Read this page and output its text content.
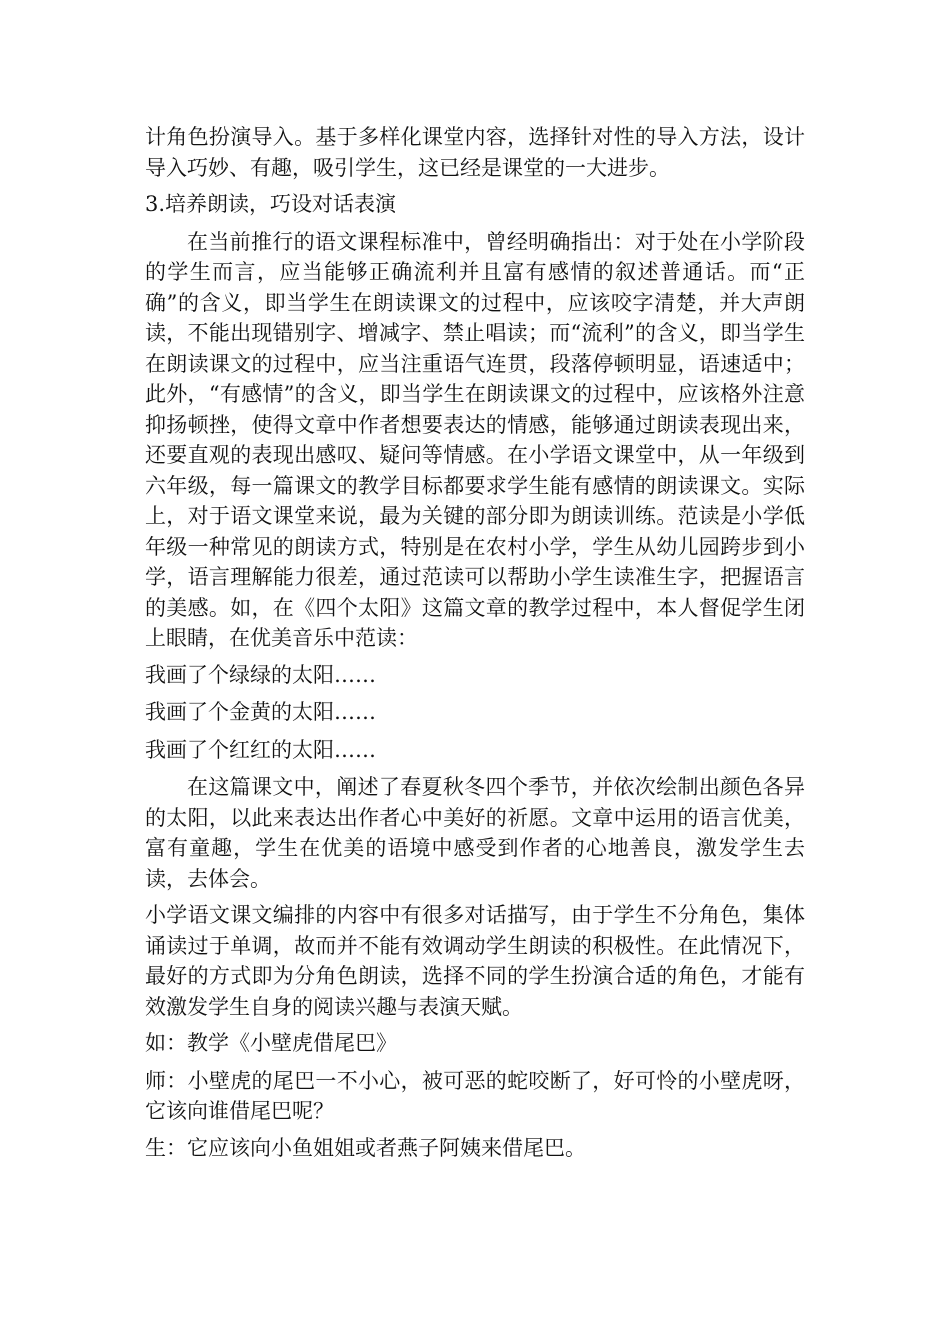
计角色扮演导入。基于多样化课堂内容，选择针对性的导入方法，设计导入巧妙、有趣，吸引学生，这已经是课堂的一大进步。

3.培养朗读，巧设对话表演

在当前推行的语文课程标准中，曾经明确指出：对于处在小学阶段的学生而言，应当能够正确流利并且富有感情的叙述普通话。而“正确”的含义，即当学生在朗读课文的过程中，应该咬字清楚，并大声朗读，不能出现错别字、增减字、禁止唱读；而“流利”的含义，即当学生在朗读课文的过程中，应当注重语气连贯，段落停顿明显，语速适中；此外，“有感情”的含义，即当学生在朗读课文的过程中，应该格外注意抑扬顿挫，使得文章中作者想要表达的情感，能够通过朗读表现出来，还要直观的表现出感叹、疑问等情感。在小学语文课堂中，从一年级到六年级，每一篇课文的教学目标都要求学生能有感情的朗读课文。实际上，对于语文课堂来说，最为关键的部分即为朗读训练。范读是小学低年级一种常见的朗读方式，特别是在农村小学，学生从幼儿园跨步到小学，语言理解能力很差，通过范读可以帮助小学生读准生字，把握语言的美感。如，在《四个太阳》这篇文章的教学过程中，本人督促学生闭上眼睛，在优美音乐中范读：

我画了个绿绿的太阳……

我画了个金黄的太阳……

我画了个红红的太阳……

在这篇课文中，阐述了春夏秋冬四个季节，并依次绘制出颜色各异的太阳，以此来表达出作者心中美好的祈愿。文章中运用的语言优美，富有童趣，学生在优美的语境中感受到作者的心地善良，激发学生去读，去体会。

小学语文课文编排的内容中有很多对话描写，由于学生不分角色，集体诵读过于单调，故而并不能有效调动学生朗读的积极性。在此情况下，最好的方式即为分角色朗读，选择不同的学生扮演合适的角色，才能有效激发学生自身的阅读兴趣与表演天赋。

如：教学《小壁虎借尾巴》

师：小壁虎的尾巴一不小心，被可恶的蛇咬断了，好可怜的小壁虎呀，它该向谁借尾巴呢？

生：它应该向小鱼姐姐或者燕子阿姨来借尾巴。
